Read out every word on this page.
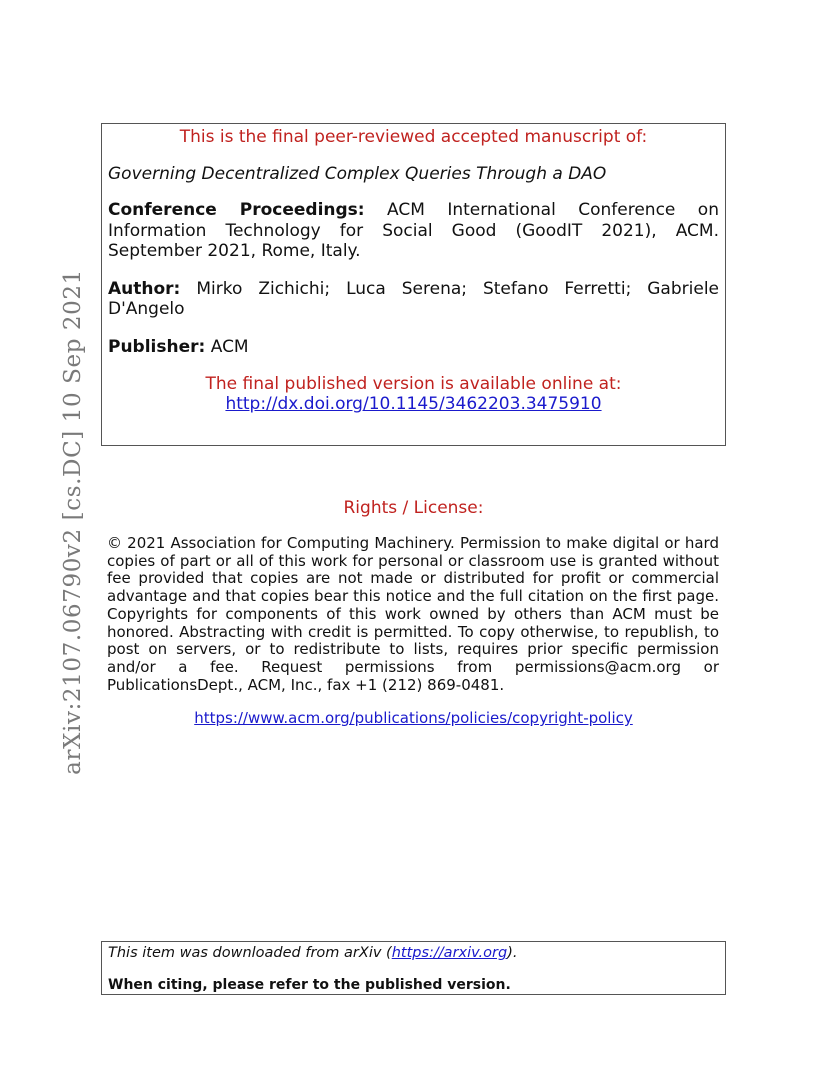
arXiv:2107.06790v2 [cs.DC] 10 Sep 2021

This is the final peer-reviewed accepted manuscript of:

Governing Decentralized Complex Queries Through a DAO

Conference Proceedings: ACM International Conference on Information Technology for Social Good (GoodIT 2021), ACM. September 2021, Rome, Italy.

Author: Mirko Zichichi; Luca Serena; Stefano Ferretti; Gabriele D'Angelo

Publisher: ACM

The final published version is available online at:

http://dx.doi.org/10.1145/3462203.3475910

Rights / License:

© 2021 Association for Computing Machinery. Permission to make digital or hard copies of part or all of this work for personal or classroom use is granted without fee provided that copies are not made or distributed for profit or commercial advantage and that copies bear this notice and the full citation on the first page. Copyrights for components of this work owned by others than ACM must be honored. Abstracting with credit is permitted. To copy otherwise, to republish, to post on servers, or to redistribute to lists, requires prior specific permission and/or a fee. Request permissions from permissions@acm.org or PublicationsDept., ACM, Inc., fax +1 (212) 869-0481.

https://www.acm.org/publications/policies/copyright-policy

This item was downloaded from arXiv (https://arxiv.org).

When citing, please refer to the published version.
